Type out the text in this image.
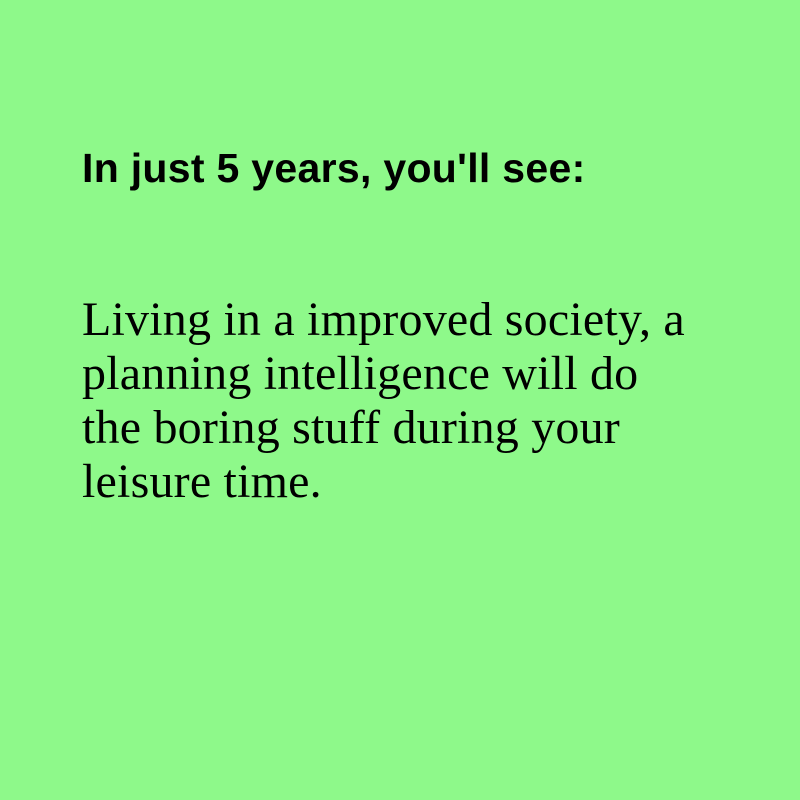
In just 5 years, you'll see:

Living in a improved society, a planning intelligence will do the boring stuff during your leisure time.
